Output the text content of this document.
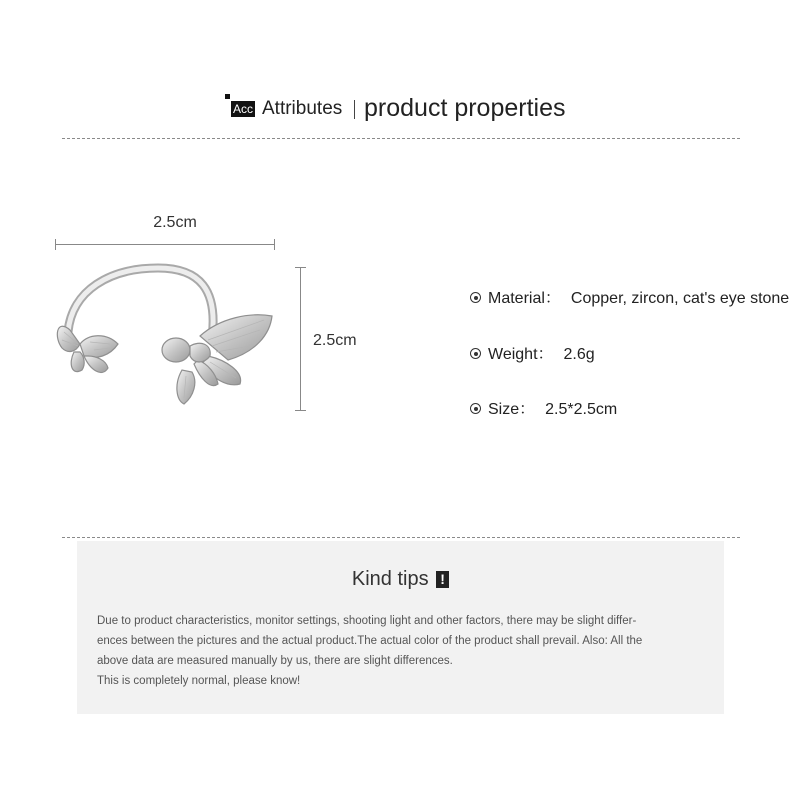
Acc Attributes product properties
2.5cm
2.5cm
Material： Copper, zircon, cat's eye stone
Weight： 2.6g
Size： 2.5*2.5cm
Kind tips !
Due to product characteristics, monitor settings, shooting light and other factors, there may be slight differ-
ences between the pictures and the actual product.The actual color of the product shall prevail. Also: All the
above data are measured manually by us, there are slight differences.
This is completely normal, please know!
